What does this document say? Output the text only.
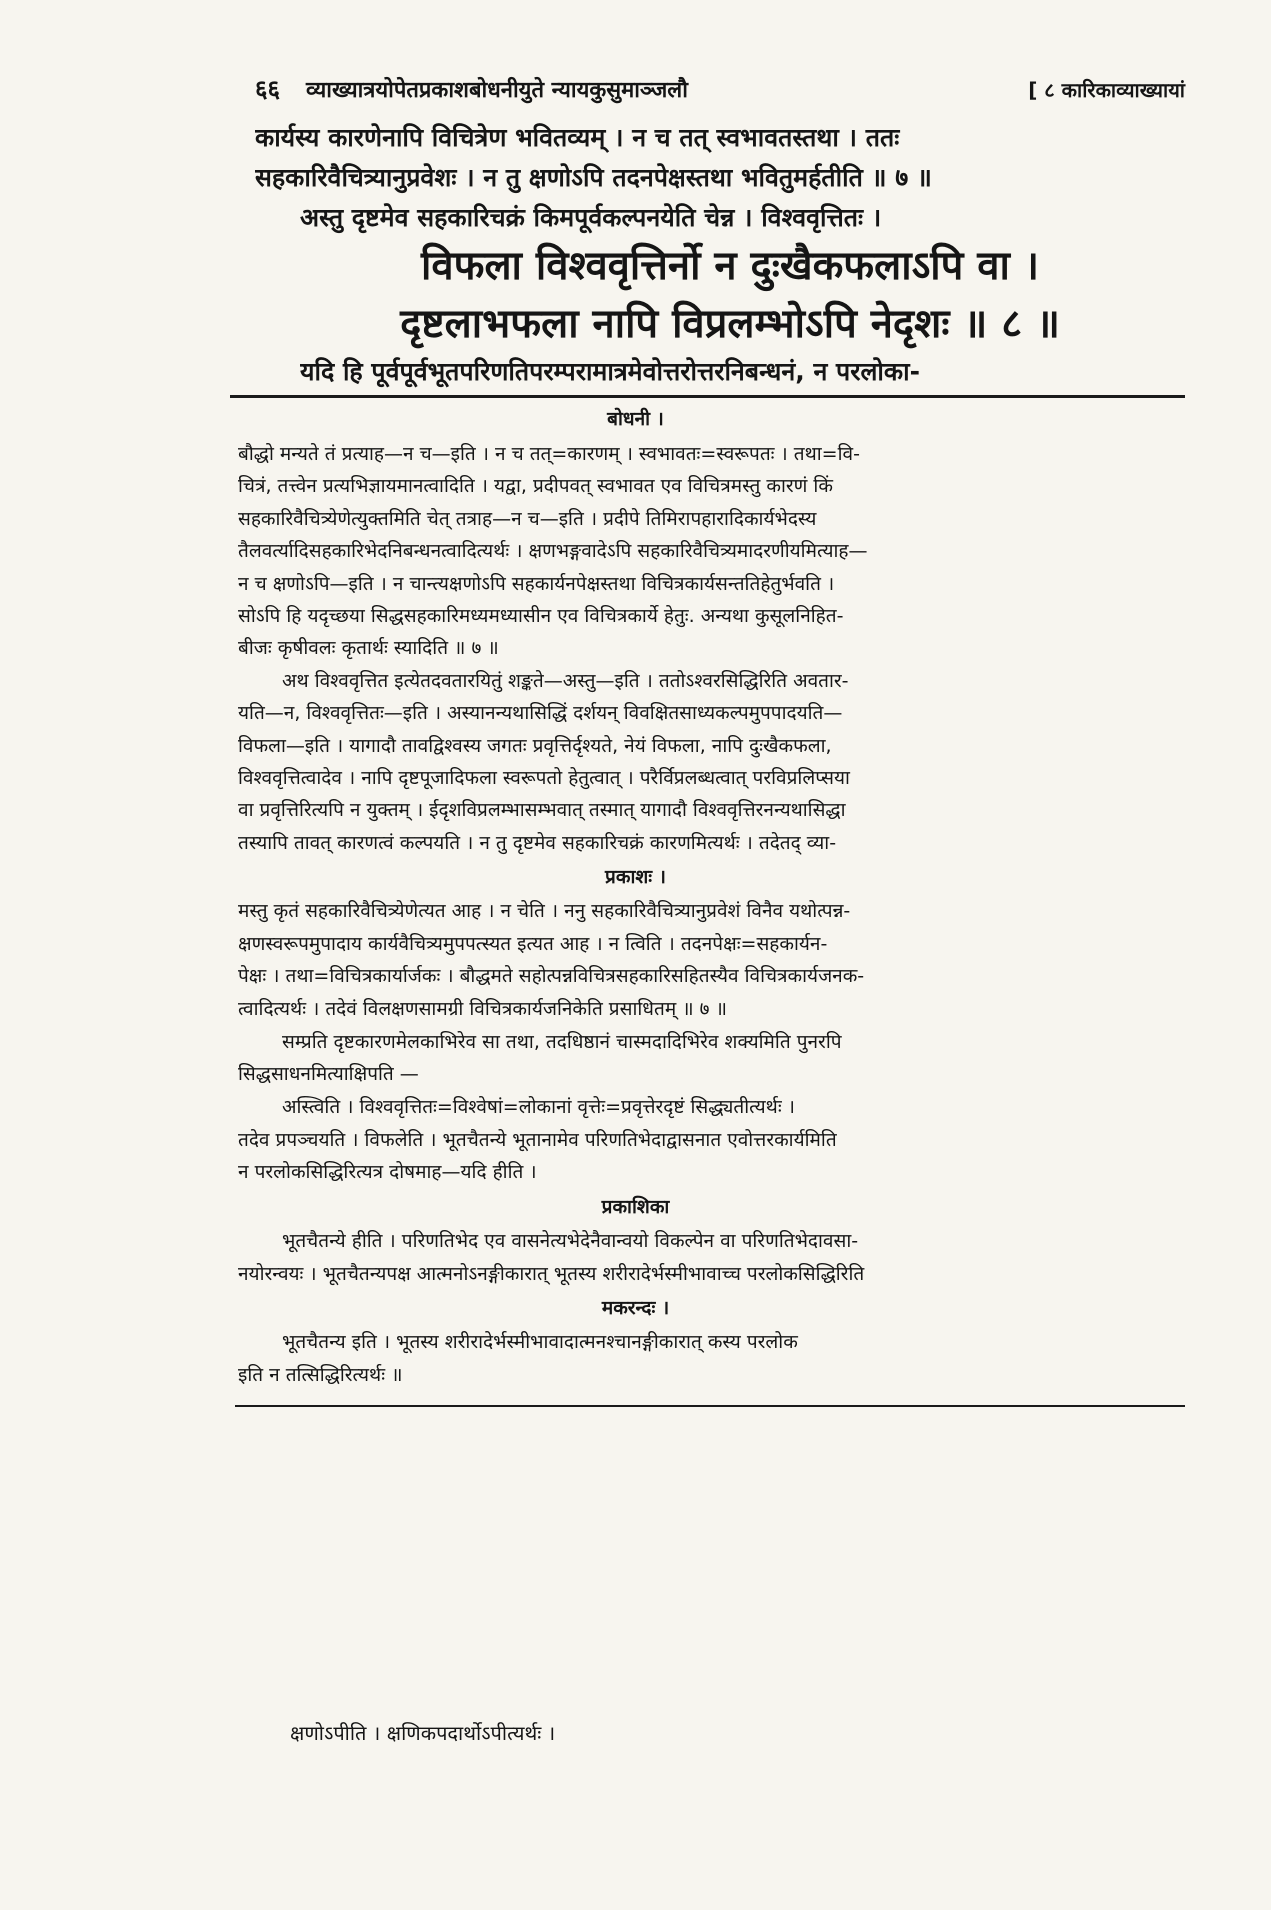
६६ व्याख्यात्रयोपेतप्रकाशबोधनीयुते न्यायकुसुमाञ्जलौ	[ ८ कारिकाव्याख्यायां
कार्यस्य कारणेनापि विचित्रेण भवितव्यम् । न च तत् स्वभावतस्तथा । ततः
सहकारिवैचित्र्यानुप्रवेशः । न तु क्षणोऽपि तदनपेक्षस्तथा भवितुमर्हतीति ॥ ७ ॥
अस्तु दृष्टमेव सहकारिचक्रं किमपूर्वकल्पनयेति चेन्न । विश्ववृत्तितः ।
विफला विश्ववृत्तिर्नो न दुःखैकफलाऽपि वा ।
दृष्टलाभफला नापि विप्रलम्भोऽपि नेदृशः ॥ ८ ॥
यदि हि पूर्वपूर्वभूतपरिणतिपरम्परामात्रमेवोत्तरोत्तरनिबन्धनं, न परलोका-
बोधनी ।
बौद्धो मन्यते तं प्रत्याह—न च—इति । न च तत्=कारणम् । स्वभावतः=स्वरूपतः । तथा=वि-
चित्रं, तत्त्वेन प्रत्यभिज्ञायमानत्वादिति । यद्वा, प्रदीपवत् स्वभावत एव विचित्रमस्तु कारणं किं
सहकारिवैचित्र्येणेत्युक्तमिति चेत् तत्राह—न च—इति । प्रदीपे तिमिरापहारादिकार्यभेदस्य
तैलवर्त्यादिसहकारिभेदनिबन्धनत्वादित्यर्थः । क्षणभङ्गवादेऽपि सहकारिवैचित्र्यमादरणीयमित्याह—
न च क्षणोऽपि—इति । न चान्त्यक्षणोऽपि सहकार्यनपेक्षस्तथा विचित्रकार्यसन्ततिहेतुर्भवति ।
सोऽपि हि यदृच्छया सिद्धसहकारिमध्यमध्यासीन एव विचित्रकार्ये हेतुः. अन्यथा कुसूलनिहित-
बीजः कृषीवलः कृतार्थः स्यादिति ॥ ७ ॥
अथ विश्ववृत्तित इत्येतदवतारयितुं शङ्कते—अस्तु—इति । ततोऽश्वरसिद्धिरिति अवतार-
यति—न, विश्ववृत्तितः—इति । अस्यानन्यथासिद्धिं दर्शयन् विवक्षितसाध्यकल्पमुपपादयति—
विफला—इति । यागादौ तावद्विश्वस्य जगतः प्रवृत्तिर्दृश्यते, नेयं विफला, नापि दुःखैकफला,
विश्ववृत्तित्वादेव । नापि दृष्टपूजादिफला स्वरूपतो हेतुत्वात् । परैर्विप्रलब्धत्वात् परविप्रलिप्सया
वा प्रवृत्तिरित्यपि न युक्तम् । ईदृशविप्रलम्भासम्भवात् तस्मात् यागादौ विश्ववृत्तिरनन्यथासिद्धा
तस्यापि तावत् कारणत्वं कल्पयति । न तु दृष्टमेव सहकारिचक्रं कारणमित्यर्थः । तदेतद् व्या-
प्रकाशः ।
मस्तु कृतं सहकारिवैचित्र्येणेत्यत आह । न चेति । ननु सहकारिवैचित्र्यानुप्रवेशं विनैव यथोत्पन्न-
क्षणस्वरूपमुपादाय कार्यवैचित्र्यमुपपत्स्यत इत्यत आह । न त्विति । तदनपेक्षः=सहकार्यन-
पेक्षः । तथा=विचित्रकार्यार्जकः । बौद्धमते सहोत्पन्नविचित्रसहकारिसहितस्यैव विचित्रकार्यजनक-
त्वादित्यर्थः । तदेवं विलक्षणसामग्री विचित्रकार्यजनिकेति प्रसाधितम् ॥ ७ ॥
सम्प्रति दृष्टकारणमेलकाभिरेव सा तथा, तदधिष्ठानं चास्मदादिभिरेव शक्यमिति पुनरपि
सिद्धसाधनमित्याक्षिपति —
अस्त्विति । विश्ववृत्तितः=विश्वेषां=लोकानां वृत्तेः=प्रवृत्तेरदृष्टं सिद्ध्यतीत्यर्थः ।
तदेव प्रपञ्चयति । विफलेति । भूतचैतन्ये भूतानामेव परिणतिभेदाद्वासनात एवोत्तरकार्यमिति
न परलोकसिद्धिरित्यत्र दोषमाह—यदि हीति ।
प्रकाशिका
भूतचैतन्ये हीति । परिणतिभेद एव वासनेत्यभेदेनैवान्वयो विकल्पेन वा परिणतिभेदावसा-
नयोरन्वयः । भूतचैतन्यपक्ष आत्मनोऽनङ्गीकारात् भूतस्य शरीरादेर्भस्मीभावाच्च परलोकसिद्धिरिति
मकरन्दः ।
भूतचैतन्य इति । भूतस्य शरीरादेर्भस्मीभावादात्मनश्चानङ्गीकारात् कस्य परलोक
इति न तत्सिद्धिरित्यर्थः ॥
क्षणोऽपीति । क्षणिकपदार्थोऽपीत्यर्थः ।
